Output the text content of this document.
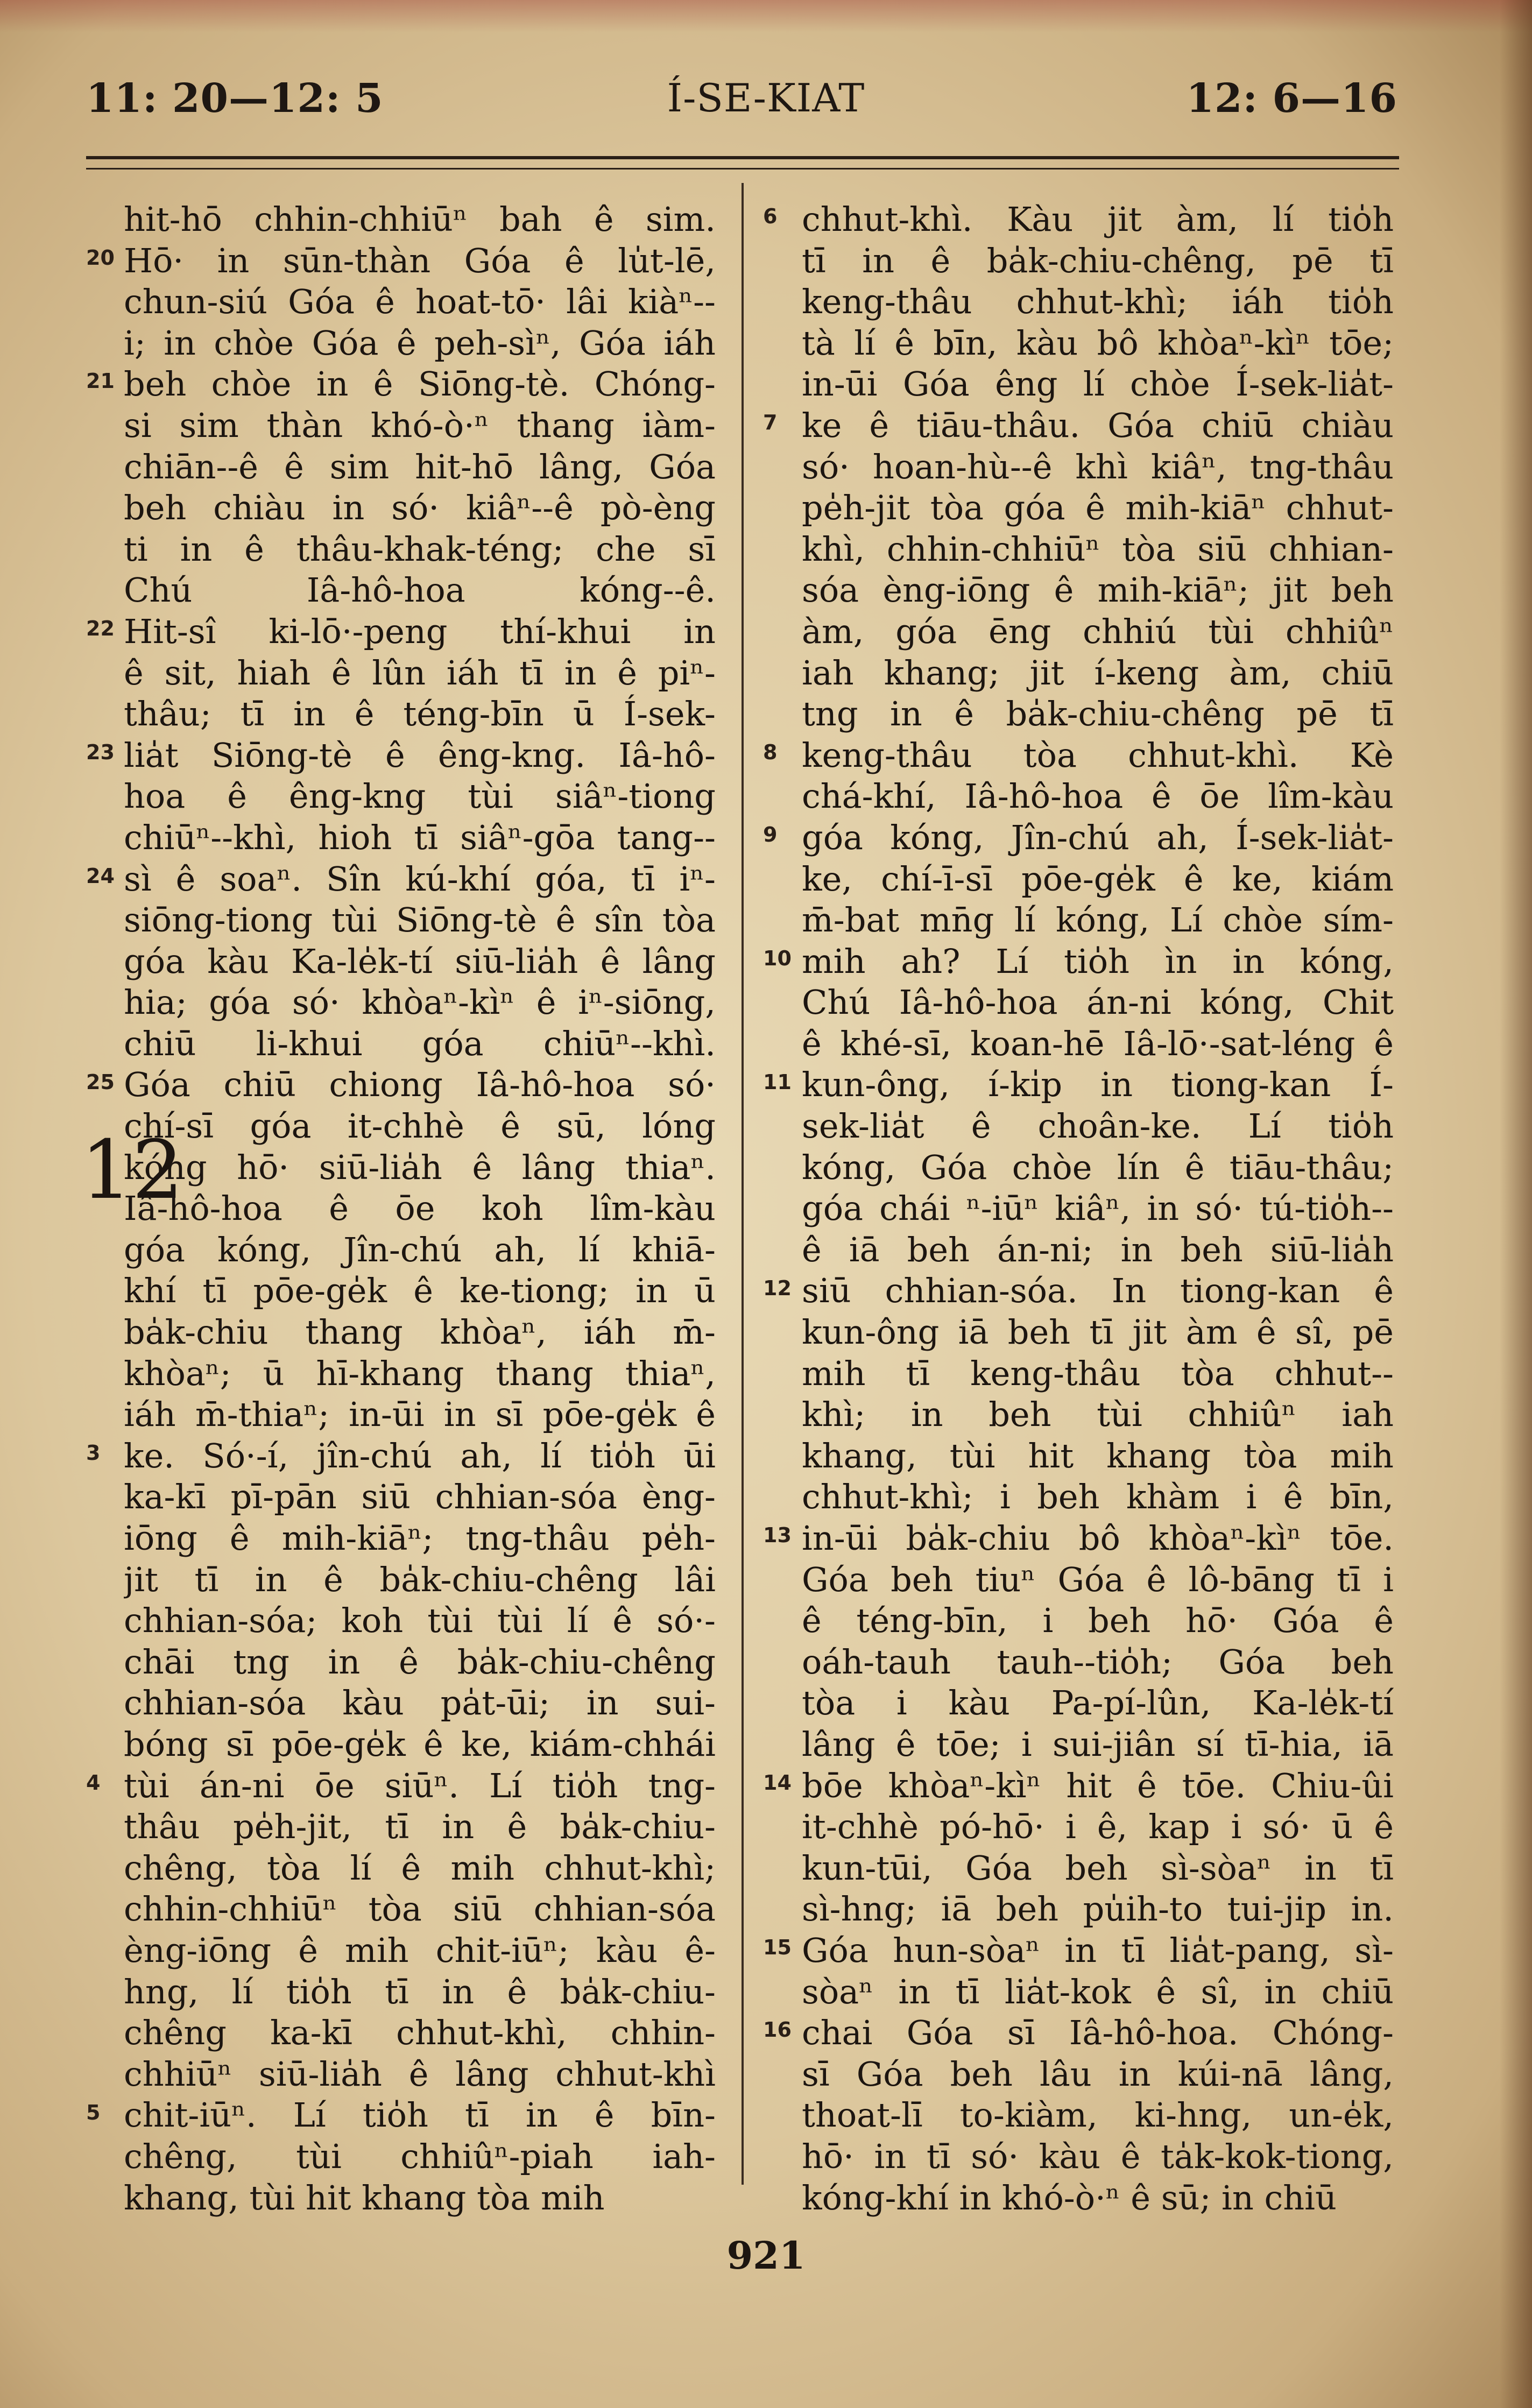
Í-SE-KIAT
11: 20—12: 5	12: 6—16
12
hit-hō chhin-chhiūⁿ bah ê sim.
Hō· in sūn-thàn Góa ê lu̍t-lē,
chun-siú Góa ê hoat-tō· lâi kiàⁿ--
i; in chòe Góa ê peh-sìⁿ, Góa iáh
beh chòe in ê Siōng-tè. Chóng-
si sim thàn khó-ò·ⁿ thang iàm-
chiān--ê ê sim hit-hō lâng, Góa
beh chiàu in só· kiâⁿ--ê pò-èng
ti in ê thâu-khak-téng; che sī
Chú Iâ-hô-hoa kóng--ê.
Hit-sî ki-lō·-peng thí-khui in
ê sit, hiah ê lûn iáh tī in ê piⁿ-
thâu; tī in ê téng-bīn ū Í-sek-
lia̍t Siōng-tè ê êng-kng. Iâ-hô-
hoa ê êng-kng tùi siâⁿ-tiong
chiūⁿ--khì, hioh tī siâⁿ-gōa tang--
sì ê soaⁿ. Sîn kú-khí góa, tī iⁿ-
siōng-tiong tùi Siōng-tè ê sîn tòa
góa kàu Ka-le̍k-tí siū-lia̍h ê lâng
hia; góa só· khòaⁿ-kìⁿ ê iⁿ-siōng,
chiū li-khui góa chiūⁿ--khì.
Góa chiū chiong Iâ-hô-hoa só·
chí-sī góa it-chhè ê sū, lóng
kóng hō· siū-lia̍h ê lâng thiaⁿ.
Iâ-hô-hoa ê ōe koh lîm-kàu
góa kóng, Jîn-chú ah, lí khiā-
khí tī pōe-ge̍k ê ke-tiong; in ū
ba̍k-chiu thang khòaⁿ, iáh m̄-
khòaⁿ; ū hī-khang thang thiaⁿ,
iáh m̄-thiaⁿ; in-ūi in sī pōe-ge̍k ê
ke. Só·-í, jîn-chú ah, lí tio̍h ūi
ka-kī pī-pān siū chhian-sóa èng-
iōng ê mih-kiāⁿ; tng-thâu pe̍h-
jit tī in ê ba̍k-chiu-chêng lâi
chhian-sóa; koh tùi tùi lí ê só·-
chāi tng in ê ba̍k-chiu-chêng
chhian-sóa kàu pa̍t-ūi; in sui-
bóng sī pōe-ge̍k ê ke, kiám-chhái
tùi án-ni ōe siūⁿ. Lí tio̍h tng-
thâu pe̍h-jit, tī in ê ba̍k-chiu-
chêng, tòa lí ê mih chhut-khì;
chhin-chhiūⁿ tòa siū chhian-sóa
èng-iōng ê mih chit-iūⁿ; kàu ê-
hng, lí tio̍h tī in ê ba̍k-chiu-
chêng ka-kī chhut-khì, chhin-
chhiūⁿ siū-lia̍h ê lâng chhut-khì
chit-iūⁿ. Lí tio̍h tī in ê bīn-
chêng, tùi chhiûⁿ-piah iah-
khang, tùi hit khang tòa mih
chhut-khì. Kàu jit àm, lí tio̍h
tī in ê ba̍k-chiu-chêng, pē tī
keng-thâu chhut-khì; iáh tio̍h
tà lí ê bīn, kàu bô khòaⁿ-kìⁿ tōe;
in-ūi Góa êng lí chòe Í-sek-lia̍t-
ke ê tiāu-thâu. Góa chiū chiàu
só· hoan-hù--ê khì kiâⁿ, tng-thâu
pe̍h-jit tòa góa ê mih-kiāⁿ chhut-
khì, chhin-chhiūⁿ tòa siū chhian-
sóa èng-iōng ê mih-kiāⁿ; jit beh
àm, góa ēng chhiú tùi chhiûⁿ
iah khang; jit í-keng àm, chiū
tng in ê ba̍k-chiu-chêng pē tī
keng-thâu tòa chhut-khì. Kè
chá-khí, Iâ-hô-hoa ê ōe lîm-kàu
góa kóng, Jîn-chú ah, Í-sek-lia̍t-
ke, chí-ī-sī pōe-ge̍k ê ke, kiám
m̄-bat mn̄g lí kóng, Lí chòe sím-
mih ah? Lí tio̍h ìn in kóng,
Chú Iâ-hô-hoa án-ni kóng, Chit
ê khé-sī, koan-hē Iâ-lō·-sat-léng ê
kun-ông, í-ki̍p in tiong-kan Í-
sek-lia̍t ê choân-ke. Lí tio̍h
kóng, Góa chòe lín ê tiāu-thâu;
góa chái ⁿ-iūⁿ kiâⁿ, in só· tú-tio̍h--
ê iā beh án-ni; in beh siū-lia̍h
siū chhian-sóa. In tiong-kan ê
kun-ông iā beh tī jit àm ê sî, pē
mih tī keng-thâu tòa chhut--
khì; in beh tùi chhiûⁿ iah
khang, tùi hit khang tòa mih
chhut-khì; i beh khàm i ê bīn,
in-ūi ba̍k-chiu bô khòaⁿ-kìⁿ tōe.
Góa beh tiuⁿ Góa ê lô-bāng tī i
ê téng-bīn, i beh hō· Góa ê
oáh-tauh tauh--tio̍h; Góa beh
tòa i kàu Pa-pí-lûn, Ka-le̍k-tí
lâng ê tōe; i sui-jiân sí tī-hia, iā
bōe khòaⁿ-kìⁿ hit ê tōe. Chiu-ûi
it-chhè pó-hō· i ê, kap i só· ū ê
kun-tūi, Góa beh sì-sòaⁿ in tī
sì-hng; iā beh pu̍ih-to tui-jip in.
Góa hun-sòaⁿ in tī lia̍t-pang, sì-
sòaⁿ in tī lia̍t-kok ê sî, in chiū
chai Góa sī Iâ-hô-hoa. Chóng-
sī Góa beh lâu in kúi-nā lâng,
thoat-lī to-kiàm, ki-hng, un-e̍k,
hō· in tī só· kàu ê ta̍k-kok-tiong,
kóng-khí in khó-ò·ⁿ ê sū; in chiū
20
21
22
23
24
25
3
4
5
6
7
8
9
10
11
12
13
14
15
16
921
